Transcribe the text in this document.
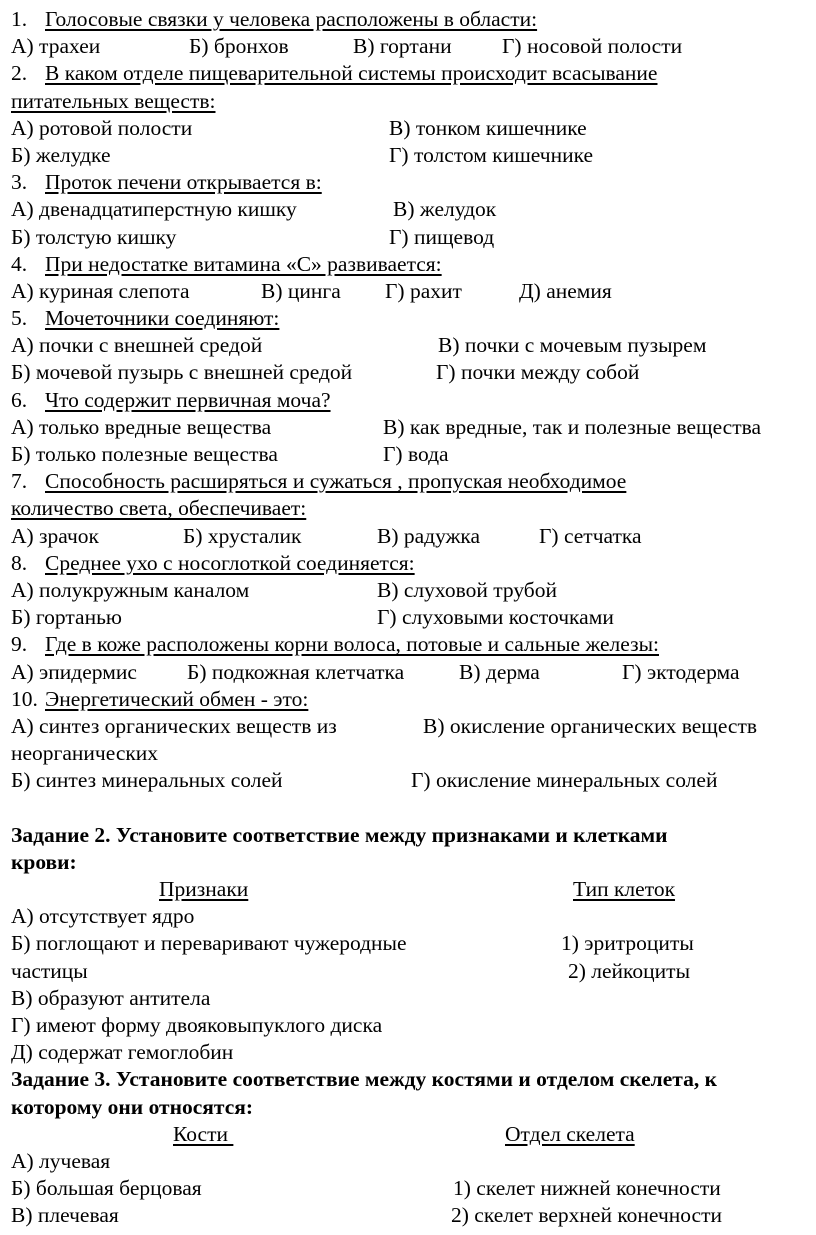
1. Голосовые связки у человека расположены в области:
А) трахеи	Б) бронхов	В) гортани Г) носовой полости
2. В каком отделе пищеварительной системы происходит всасывание
питательных веществ:
А) ротовой полости	В) тонком кишечнике
Б) желудке	Г) толстом кишечнике
3. Проток печени открывается в:
А) двенадцатиперстную кишку	В) желудок
Б) толстую кишку	Г) пищевод
4. При недостатке витамина «С» развивается:
А) куриная слепота	В) цинга Г) рахит	Д) анемия
5. Мочеточники соединяют:
А) почки с внешней средой	В) почки с мочевым пузырем
Б) мочевой пузырь с внешней средой	Г) почки между собой
6. Что содержит первичная моча?
А) только вредные вещества	В) как вредные, так и полезные вещества
Б) только полезные вещества	Г) вода
7. Способность расширяться и сужаться , пропуская необходимое
количество света, обеспечивает:
А) зрачок	Б) хрусталик	В) радужка	Г) сетчатка
8. Среднее ухо с носоглоткой соединяется:
А) полукружным каналом	В) слуховой трубой
Б) гортанью	Г) слуховыми косточками
9. Где в коже расположены корни волоса, потовые и сальные железы:
А) эпидермис Б) подкожная клетчатка	В) дерма	Г) эктодерма
10. Энергетический обмен - это:
А) синтез органических веществ из	В) окисление органических веществ
неорганических
Б) синтез минеральных солей	Г) окисление минеральных солей
Задание 2. Установите соответствие между признаками и клетками
крови:
Признаки	Тип клеток
А) отсутствует ядро
Б) поглощают и переваривают чужеродные	1) эритроциты
частицы	2) лейкоциты
В) образуют антитела
Г) имеют форму двояковыпуклого диска
Д) содержат гемоглобин
Задание 3. Установите соответствие между костями и отделом скелета, к
которому они относятся:
Кости	Отдел скелета
А) лучевая
Б) большая берцовая	1) скелет нижней конечности
В) плечевая	2) скелет верхней конечности
